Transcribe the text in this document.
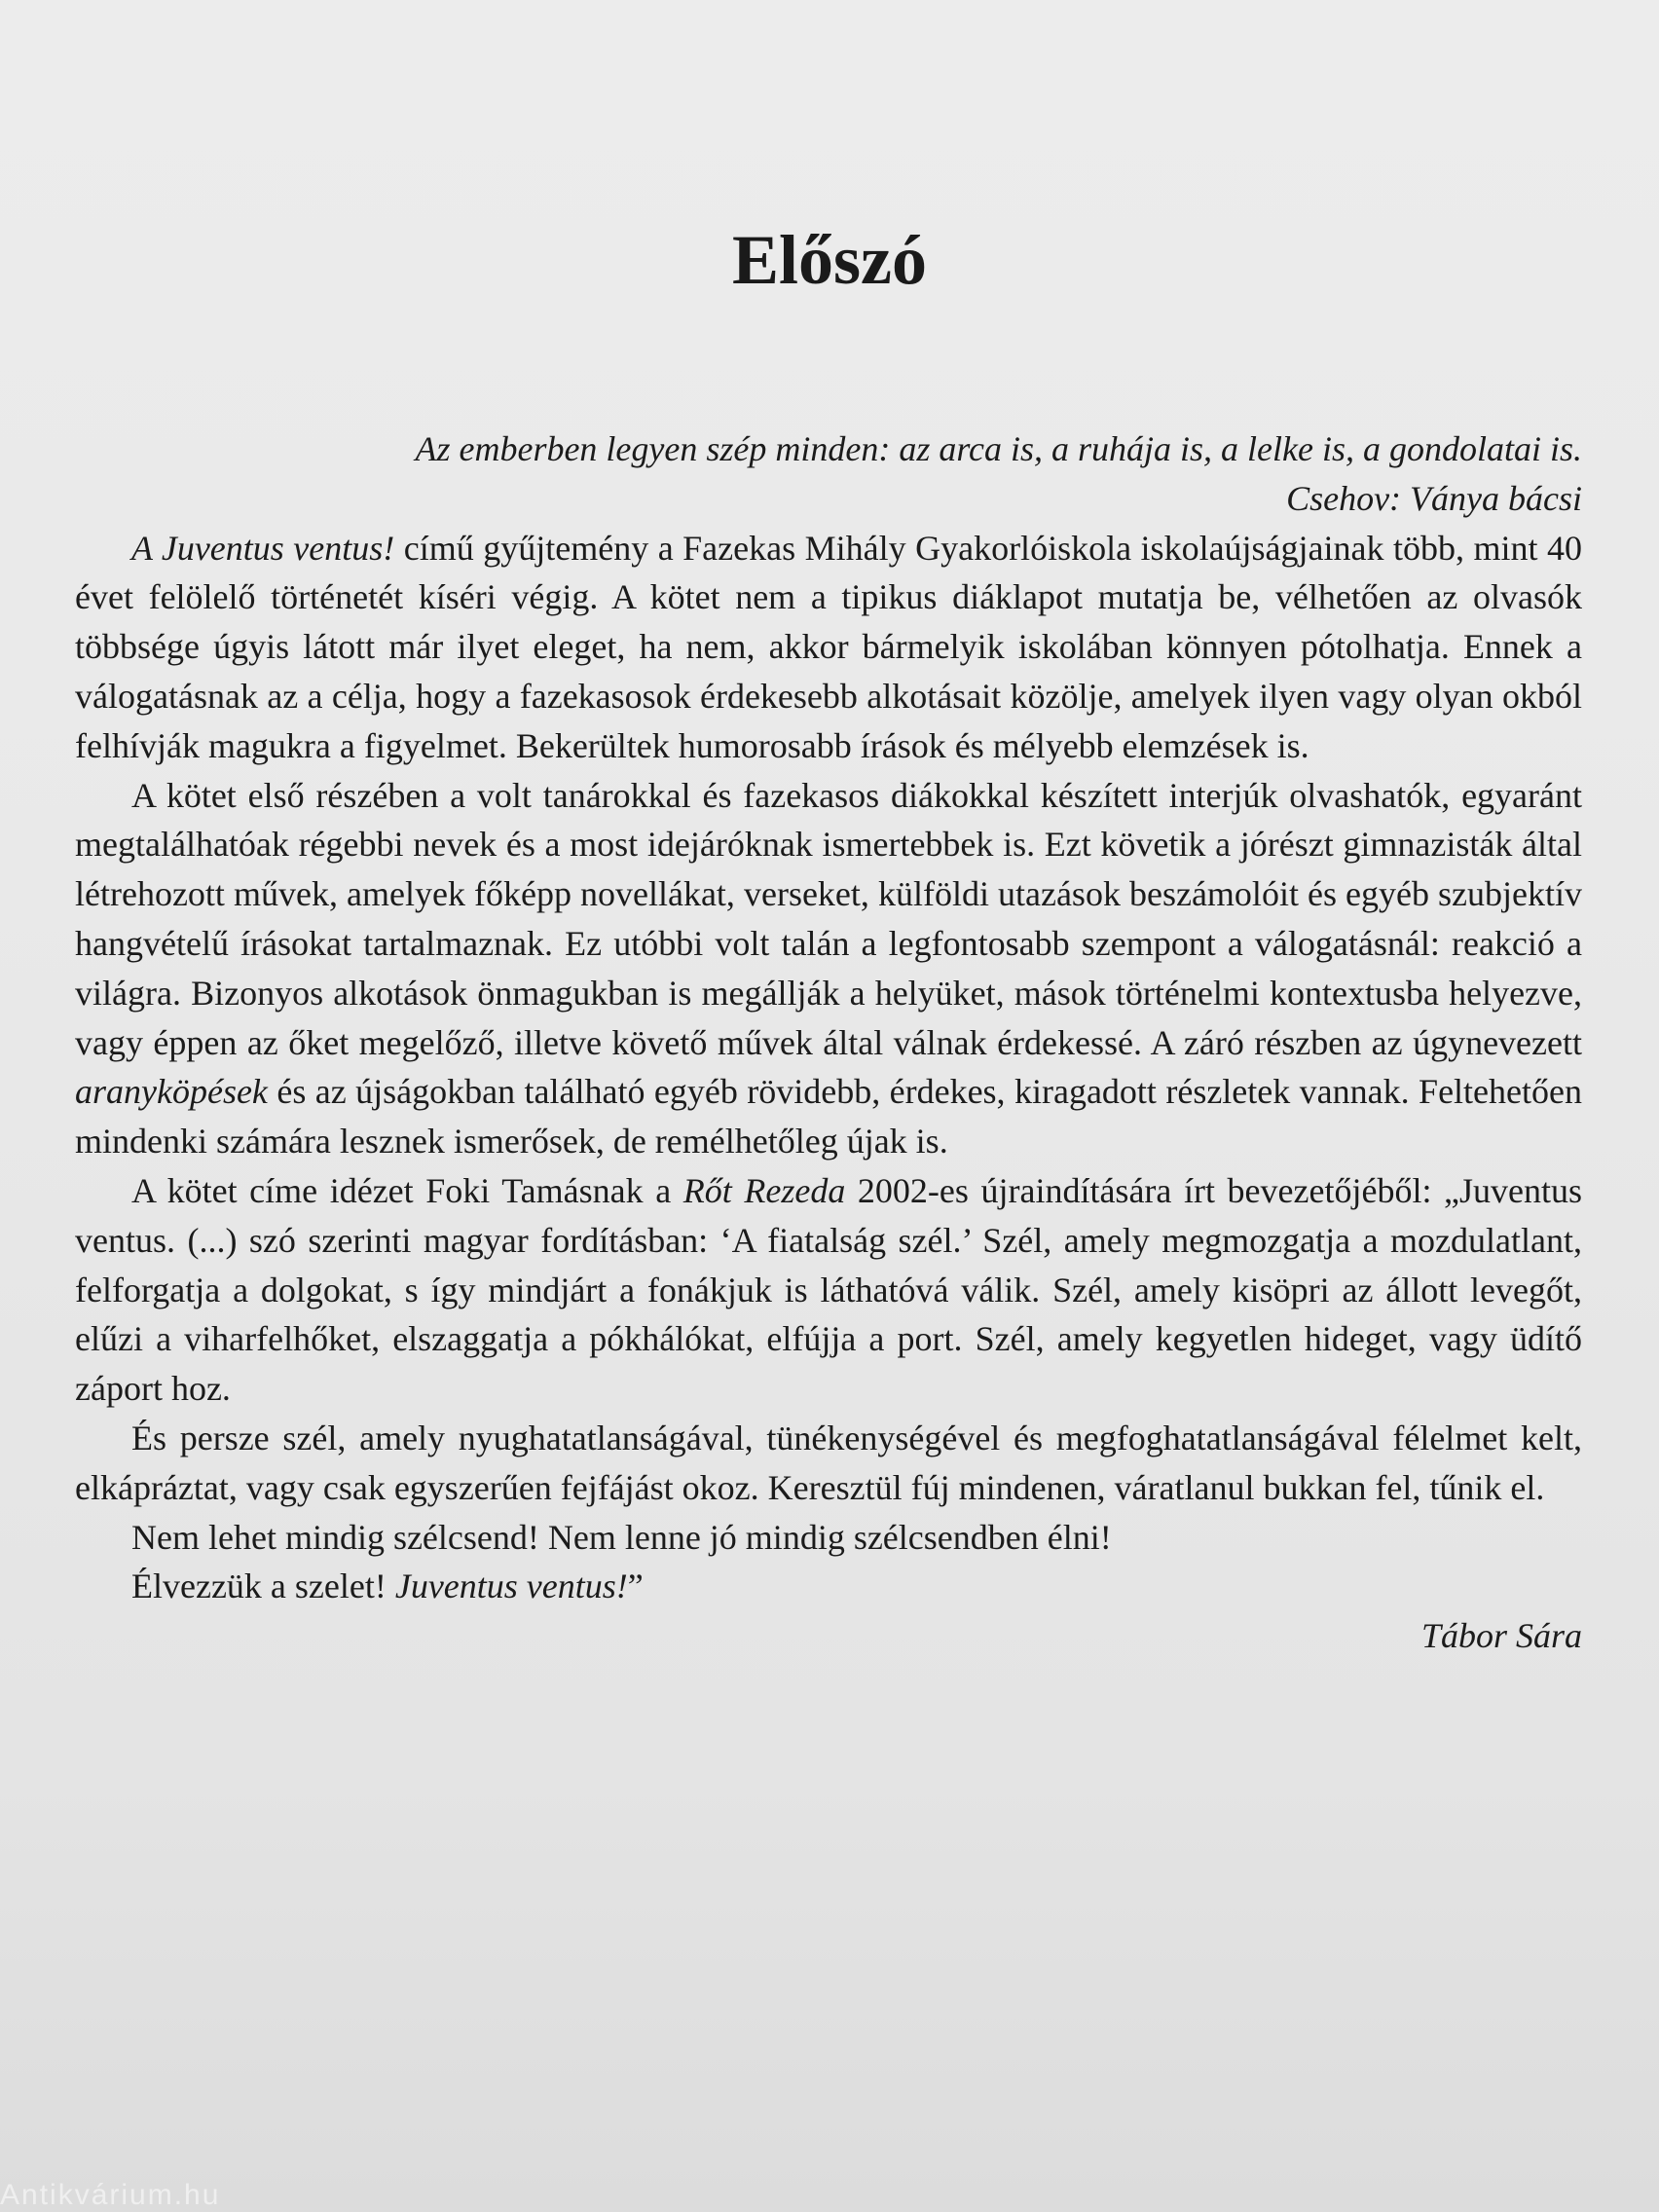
Előszó

Az emberben legyen szép minden: az arca is, a ruhája is, a lelke is, a gondolatai is.

Csehov: Ványa bácsi

A Juventus ventus! című gyűjtemény a Fazekas Mihály Gyakorlóiskola iskolaújságjainak több, mint 40 évet felölelő történetét kíséri végig. A kötet nem a tipikus diáklapot mutatja be, vélhetően az olvasók többsége úgyis látott már ilyet eleget, ha nem, akkor bármelyik iskolában könnyen pótolhatja. Ennek a válogatásnak az a célja, hogy a fazekasosok érdekesebb alkotásait közölje, amelyek ilyen vagy olyan okból felhívják magukra a figyelmet. Bekerültek humorosabb írások és mélyebb elemzések is.

A kötet első részében a volt tanárokkal és fazekasos diákokkal készített interjúk olvashatók, egyaránt megtalálhatóak régebbi nevek és a most idejáróknak ismertebbek is. Ezt követik a jórészt gimnazisták által létrehozott művek, amelyek főképp novellákat, verseket, külföldi utazások beszámolóit és egyéb szubjektív hangvételű írásokat tartalmaznak. Ez utóbbi volt talán a legfontosabb szempont a válogatásnál: reakció a világra. Bizonyos alkotások önmagukban is megállják a helyüket, mások történelmi kontextusba helyezve, vagy éppen az őket megelőző, illetve követő művek által válnak érdekessé. A záró részben az úgynevezett aranyköpések és az újságokban található egyéb rövidebb, érdekes, kiragadott részletek vannak. Feltehetően mindenki számára lesznek ismerősek, de remélhetőleg újak is.

A kötet címe idézet Foki Tamásnak a Rőt Rezeda 2002-es újraindítására írt bevezetőjéből: „Juventus ventus. (...) szó szerinti magyar fordításban: ‘A fiatalság szél.’ Szél, amely megmozgatja a mozdulatlant, felforgatja a dolgokat, s így mindjárt a fonákjuk is láthatóvá válik. Szél, amely kisöpri az állott levegőt, elűzi a viharfelhőket, elszaggatja a pókhálókat, elfújja a port. Szél, amely kegyetlen hideget, vagy üdítő záport hoz.

És persze szél, amely nyughatatlanságával, tünékenységével és megfoghatatlanságával félelmet kelt, elkápráztat, vagy csak egyszerűen fejfájást okoz. Keresztül fúj mindenen, váratlanul bukkan fel, tűnik el.

Nem lehet mindig szélcsend! Nem lenne jó mindig szélcsendben élni!

Élvezzük a szelet! Juventus ventus!”

Tábor Sára

Antikvárium.hu
